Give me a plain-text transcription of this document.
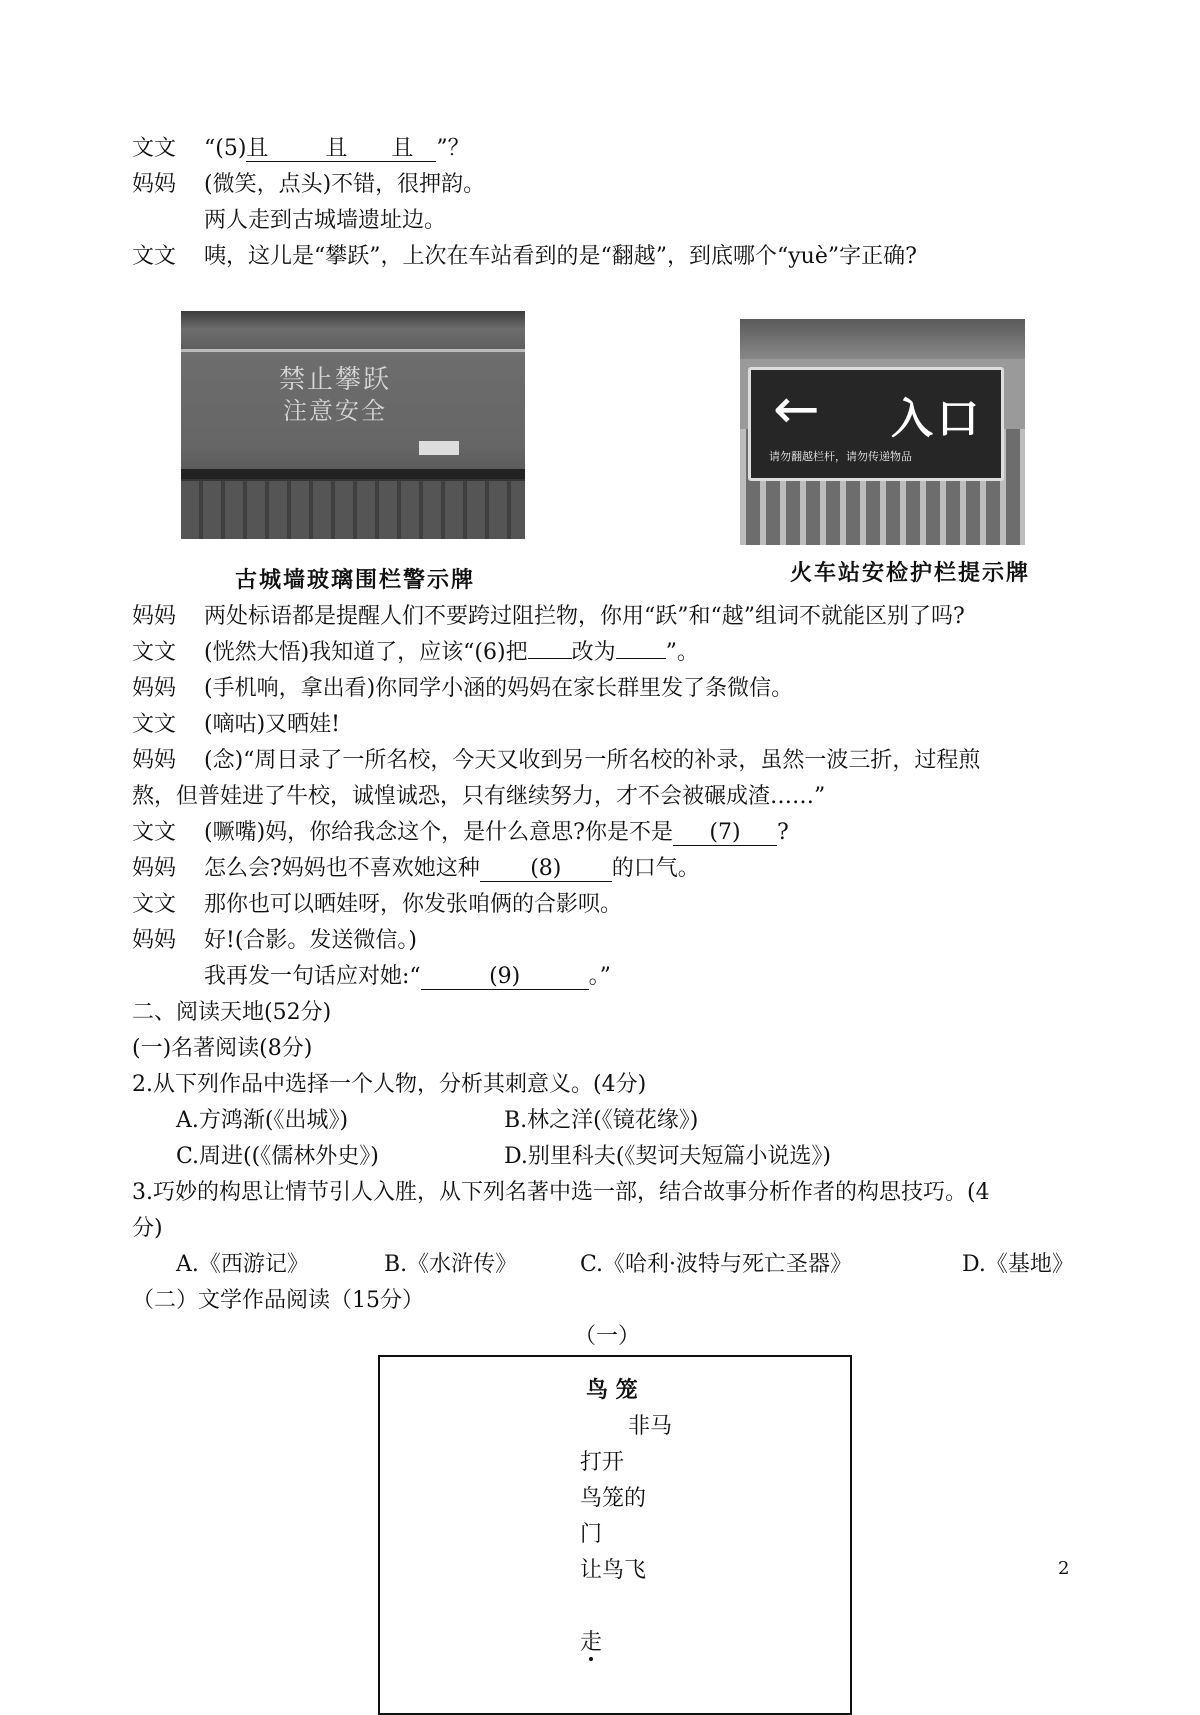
文文 “(5)且	且 且 ”？
妈妈 (微笑，点头)不错，很押韵。
两人走到古城墙遗址边。
文文 咦，这儿是“攀跃”，上次在车站看到的是“翻越”，到底哪个“yuè”字正确?
禁止攀跃
注意安全
古城墙玻璃围栏警示牌
← 入口
请勿翻越栏杆，请勿传递物品
火车站安检护栏提示牌
妈妈 两处标语都是提醒人们不要跨过阻拦物，你用“跃”和“越”组词不就能区别了吗?
文文 (恍然大悟)我知道了，应该“(6)把 改为 ”。
妈妈 (手机响，拿出看)你同学小涵的妈妈在家长群里发了条微信。
文文 (嘀咕)又晒娃!
妈妈 (念)“周日录了一所名校，今天又收到另一所名校的补录，虽然一波三折，过程煎
熬，但普娃进了牛校，诚惶诚恐，只有继续努力，才不会被碾成渣……”
文文 (噘嘴)妈，你给我念这个，是什么意思?你是不是 (7) ?
妈妈 怎么会?妈妈也不喜欢她这种 (8) 的口气。
文文 那你也可以晒娃呀，你发张咱俩的合影呗。
妈妈 好!(合影。发送微信。)
我再发一句话应对她:“	(9)	。”
二、阅读天地(52分)
(一)名著阅读(8分)
2.从下列作品中选择一个人物，分析其刺意义。(4分)
A.方鸿渐(《出城》)	B.林之洋(《镜花缘》)
C.周进((《儒林外史》)	D.别里科夫(《契诃夫短篇小说选》)
3.巧妙的构思让情节引人入胜，从下列名著中选一部，结合故事分析作者的构思技巧。(4
分)
A.《西游记》	B.《水浒传》	C.《哈利·波特与死亡圣器》	D.《基地》
（二）文学作品阅读（15分）
（一）
鸟 笼
非马
打开
鸟笼的
门
让鸟飞
走
2
